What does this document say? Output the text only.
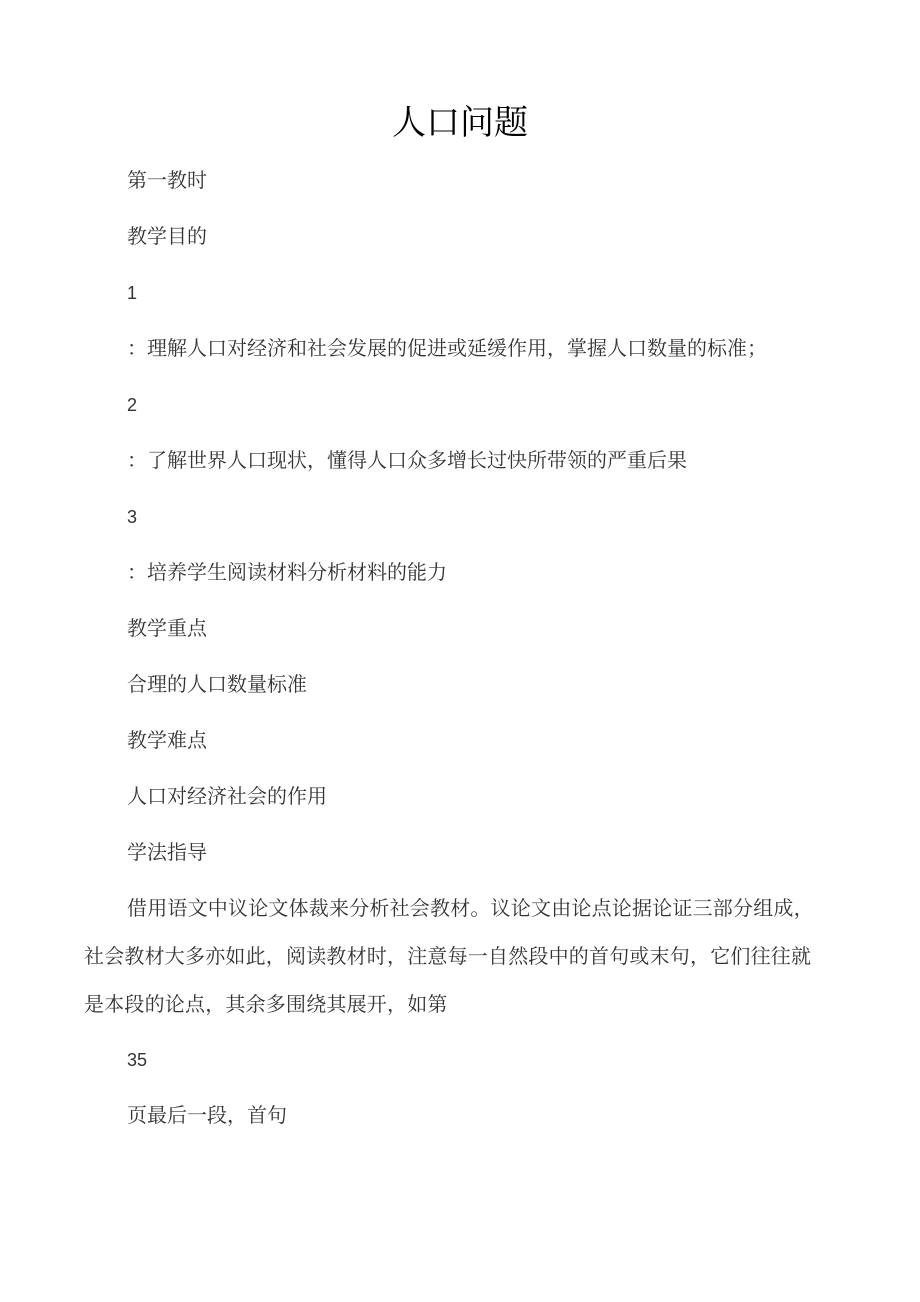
人口问题

第一教时

教学目的

1

：理解人口对经济和社会发展的促进或延缓作用，掌握人口数量的标准；

2

：了解世界人口现状，懂得人口众多增长过快所带领的严重后果

3

：培养学生阅读材料分析材料的能力

教学重点

合理的人口数量标准

教学难点

人口对经济社会的作用

学法指导

借用语文中议论文体裁来分析社会教材。议论文由论点论据论证三部分组成，社会教材大多亦如此，阅读教材时，注意每一自然段中的首句或末句，它们往往就是本段的论点，其余多围绕其展开，如第

35

页最后一段，首句
